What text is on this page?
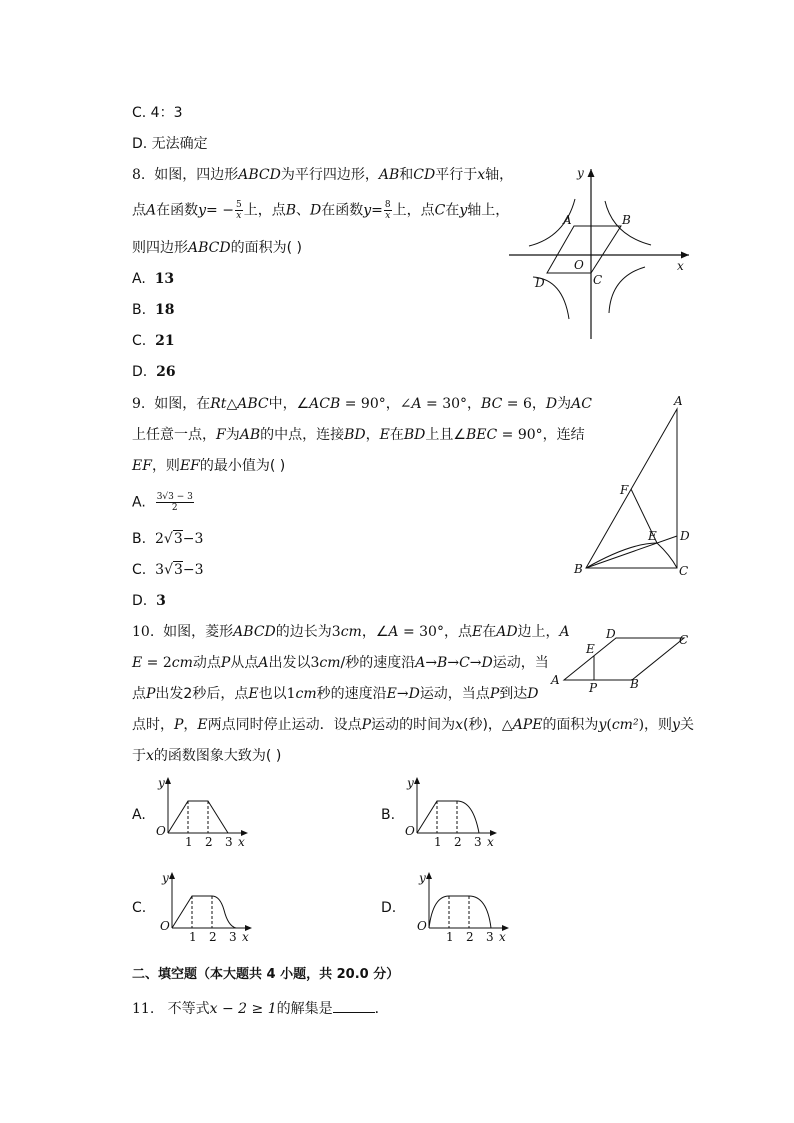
C. 4：3
D. 无法确定
8. 如图，四边形ABCD为平行四边形，AB和CD平行于x轴，
点A在函数$y= - \frac{5}{x}$ 上，点B、D在函数$y= \frac{8}{x}$ 上，点C在y轴上，
则四边形ABCD的面积为( )
A. 13
B. 18
C. 21
D. 26
A	B
C
D
O
y
x
9. 如图，在Rt△ABC中，∠ACB = 90°，∠A = 30°，BC = 6，D为AC
上任意一点，F为AB的中点，连接BD，E在BD上且∠BEC = 90°，连结
EF，则EF的最小值为( )
A. $\frac{3√3 - 3}{2}$
B. 2√3−3
C. 3√3−3
D. 3
A
B	C
D
E
F
10. 如图，菱形ABCD的边长为3cm，∠A = 30°，点E在AD边上，A
E = 2cm动点P从点A出发以3cm/秒的速度沿A→B→C→D运动，当
点P出发2秒后，点E也以1cm秒的速度沿E→D运动，当点P到达D
点时，P，E两点同时停止运动．设点P运动的时间为x(秒)，△APE的面积为y(cm²)，则y关
于x的函数图象大致为( )
A	B
C
D
E
P
A.
y
O
1 2 3 x
B.
y
O
1 2 3 x
C.
y
O
1 2 3 x
D.
y
O
1 2 3 x
二、填空题（本大题共 4 小题，共 20.0 分）
11. 不等式x − 2 ≥ 1的解集是	．
